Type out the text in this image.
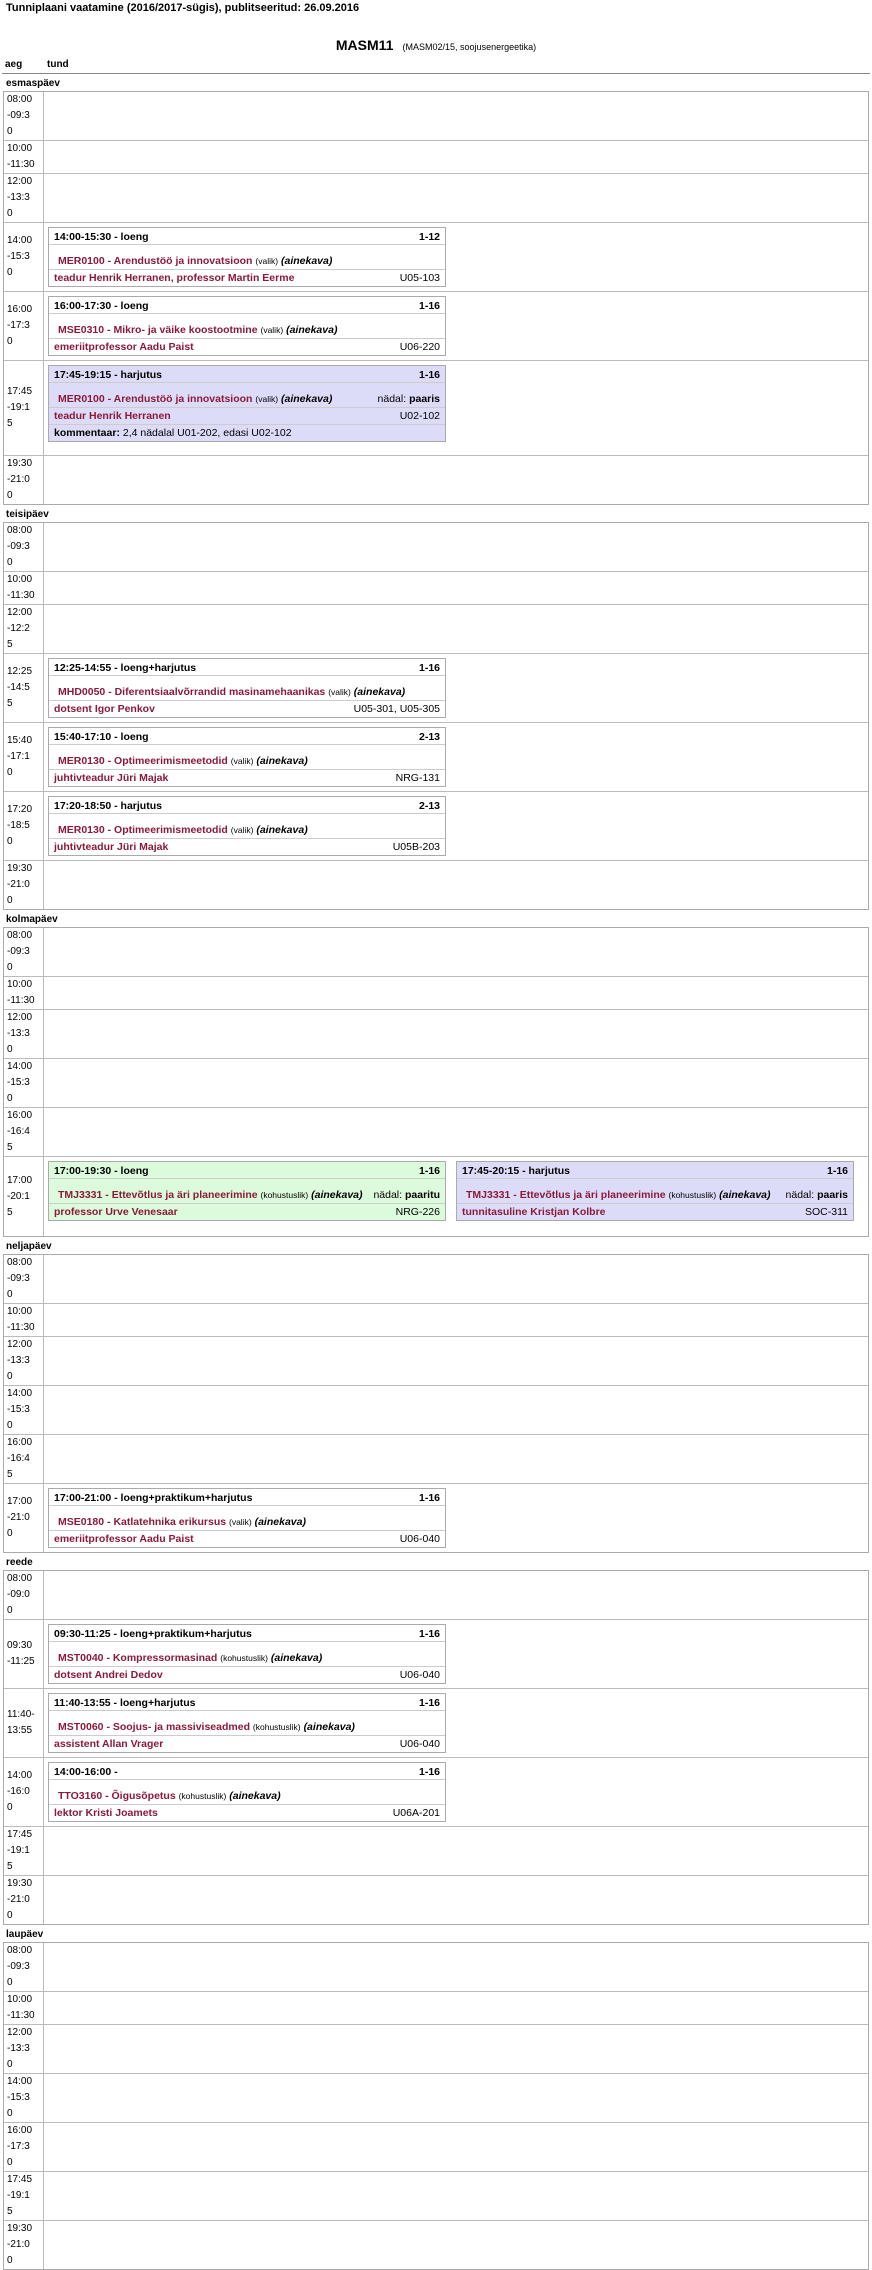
Tunniplaani vaatamine (2016/2017-sügis), publitseeritud: 26.09.2016
MASM11 (MASM02/15, soojusenergeetika)
aeg	tund
esmaspäev
08:00-09:30
10:00-11:30
12:00-13:30
14:00-15:30
14:00-15:30 - loeng	1-12
MER0100 - Arendustöö ja innovatsioon (valik) (ainekava)
teadur Henrik Herranen, professor Martin Eerme	U05-103
16:00-17:30
16:00-17:30 - loeng	1-16
MSE0310 - Mikro- ja väike koostootmine (valik) (ainekava)
emeriitprofessor Aadu Paist	U06-220
17:45-19:15
17:45-19:15 - harjutus	1-16
MER0100 - Arendustöö ja innovatsioon (valik) (ainekava)	nädal: paaris
teadur Henrik Herranen	U02-102
kommentaar: 2,4 nädalal U01-202, edasi U02-102
19:30-21:00
teisipäev
08:00-09:30
10:00-11:30
12:00-12:25
12:25-14:55
12:25-14:55 - loeng+harjutus	1-16
MHD0050 - Diferentsiaalvõrrandid masinamehaanikas (valik) (ainekava)
dotsent Igor Penkov	U05-301, U05-305
15:40-17:10
15:40-17:10 - loeng	2-13
MER0130 - Optimeerimismeetodid (valik) (ainekava)
juhtivteadur Jüri Majak	NRG-131
17:20-18:50
17:20-18:50 - harjutus	2-13
MER0130 - Optimeerimismeetodid (valik) (ainekava)
juhtivteadur Jüri Majak	U05B-203
19:30-21:00
kolmapäev
08:00-09:30
10:00-11:30
12:00-13:30
14:00-15:30
16:00-16:45
17:00-20:15
17:00-19:30 - loeng	1-16
TMJ3331 - Ettevõtlus ja äri planeerimine (kohustuslik) (ainekava) nädal: paaritu
professor Urve Venesaar	NRG-226
17:45-20:15 - harjutus	1-16
TMJ3331 - Ettevõtlus ja äri planeerimine (kohustuslik) (ainekava) nädal: paaris
tunnitasuline Kristjan Kolbre	SOC-311
neljapäev
08:00-09:30
10:00-11:30
12:00-13:30
14:00-15:30
16:00-16:45
17:00-21:00
17:00-21:00 - loeng+praktikum+harjutus	1-16
MSE0180 - Katlatehnika erikursus (valik) (ainekava)
emeriitprofessor Aadu Paist	U06-040
reede
08:00-09:00
09:30-11:25
09:30-11:25 - loeng+praktikum+harjutus	1-16
MST0040 - Kompressormasinad (kohustuslik) (ainekava)
dotsent Andrei Dedov	U06-040
11:40-13:55
11:40-13:55 - loeng+harjutus	1-16
MST0060 - Soojus- ja massiviseadmed (kohustuslik) (ainekava)
assistent Allan Vrager	U06-040
14:00-16:00
14:00-16:00 -	1-16
TTO3160 - Õigusõpetus (kohustuslik) (ainekava)
lektor Kristi Joamets	U06A-201
17:45-19:15
19:30-21:00
laupäev
08:00-09:30
10:00-11:30
12:00-13:30
14:00-15:30
16:00-17:30
17:45-19:15
19:30-21:00
